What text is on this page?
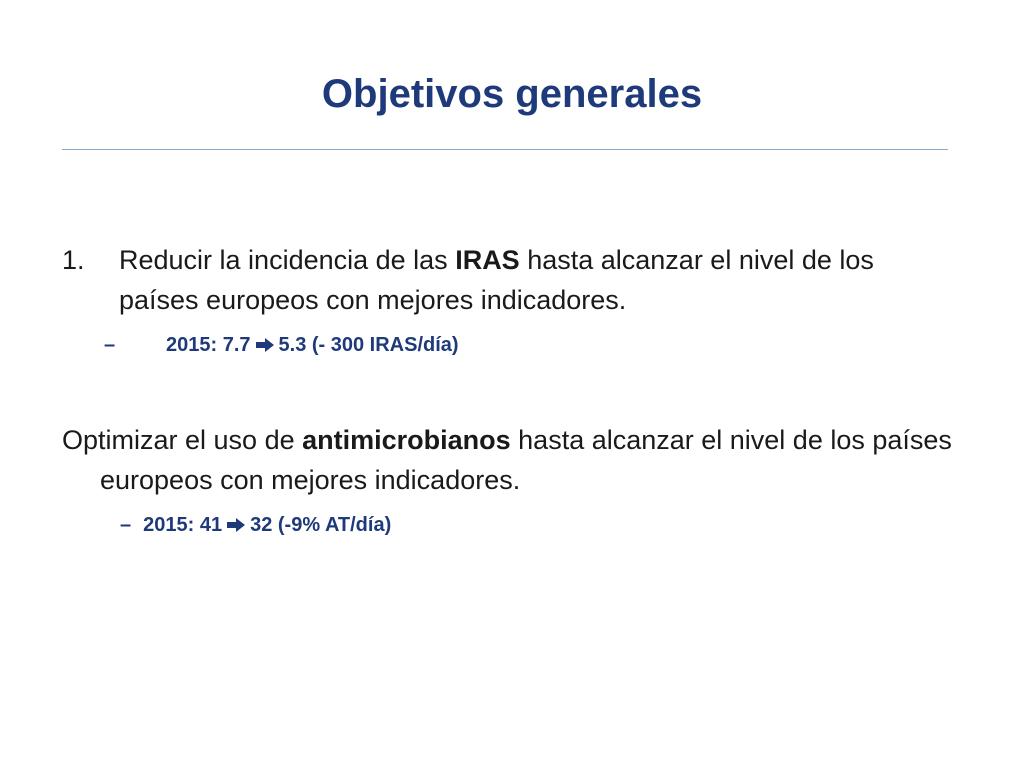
Objetivos generales
1. Reducir la incidencia de las IRAS hasta alcanzar el nivel de los países europeos con mejores indicadores.
–	2015: 7.7 5.3 (- 300 IRAS/día)
Optimizar el uso de antimicrobianos hasta alcanzar el nivel de los países europeos con mejores indicadores.
– 2015: 41 32 (-9% AT/día)
